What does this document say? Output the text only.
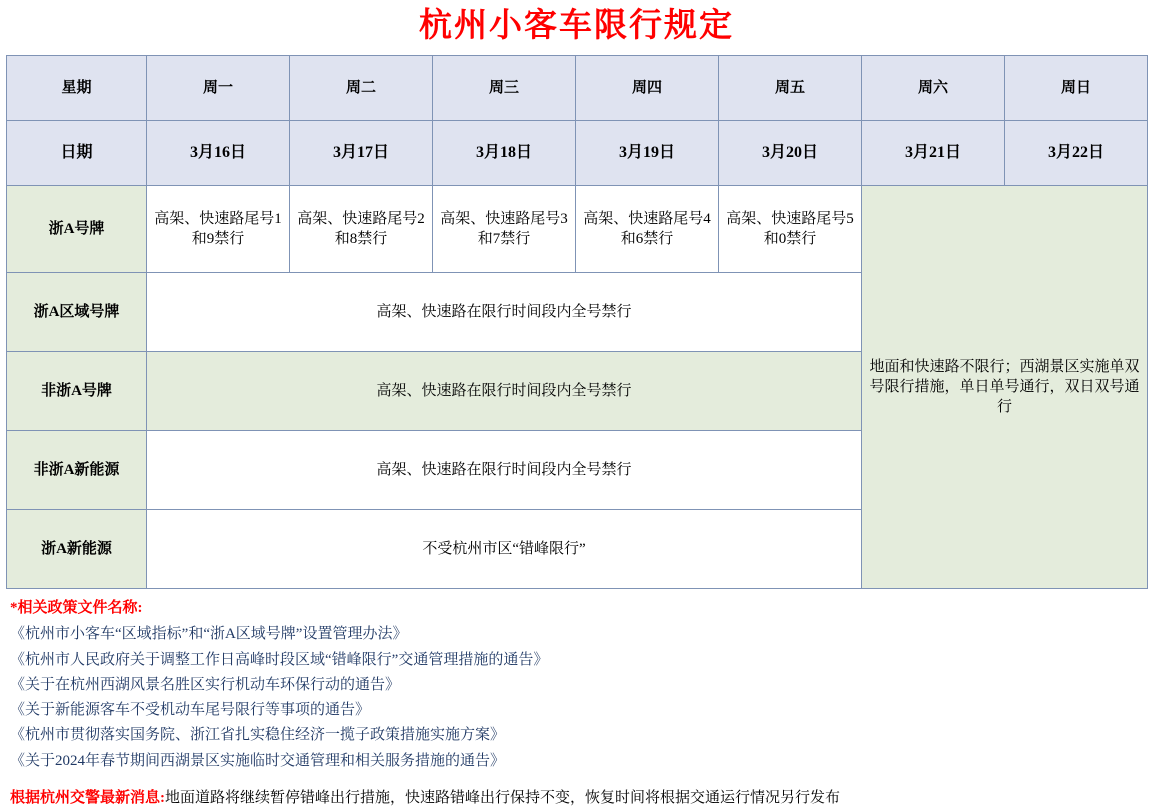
杭州小客车限行规定
星期	周一	周二	周三	周四	周五	周六	周日
日期	3月16日	3月17日	3月18日	3月19日	3月20日	3月21日	3月22日
浙A号牌	高架、快速路尾号1和9禁行	高架、快速路尾号2和8禁行	高架、快速路尾号3和7禁行	高架、快速路尾号4和6禁行	高架、快速路尾号5和0禁行	地面和快速路不限行；西湖景区实施单双号限行措施，单日单号通行，双日双号通行	
浙A区域号牌	高架、快速路在限行时间段内全号禁行						
非浙A号牌	高架、快速路在限行时间段内全号禁行						
非浙A新能源	高架、快速路在限行时间段内全号禁行						
浙A新能源	不受杭州市区“错峰限行”						
*相关政策文件名称:
《杭州市小客车“区域指标”和“浙A区域号牌”设置管理办法》
《杭州市人民政府关于调整工作日高峰时段区域“错峰限行”交通管理措施的通告》
《关于在杭州西湖风景名胜区实行机动车环保行动的通告》
《关于新能源客车不受机动车尾号限行等事项的通告》
《杭州市贯彻落实国务院、浙江省扎实稳住经济一揽子政策措施实施方案》
《关于2024年春节期间西湖景区实施临时交通管理和相关服务措施的通告》
根据杭州交警最新消息:地面道路将继续暂停错峰出行措施，快速路错峰出行保持不变，恢复时间将根据交通运行情况另行发布
